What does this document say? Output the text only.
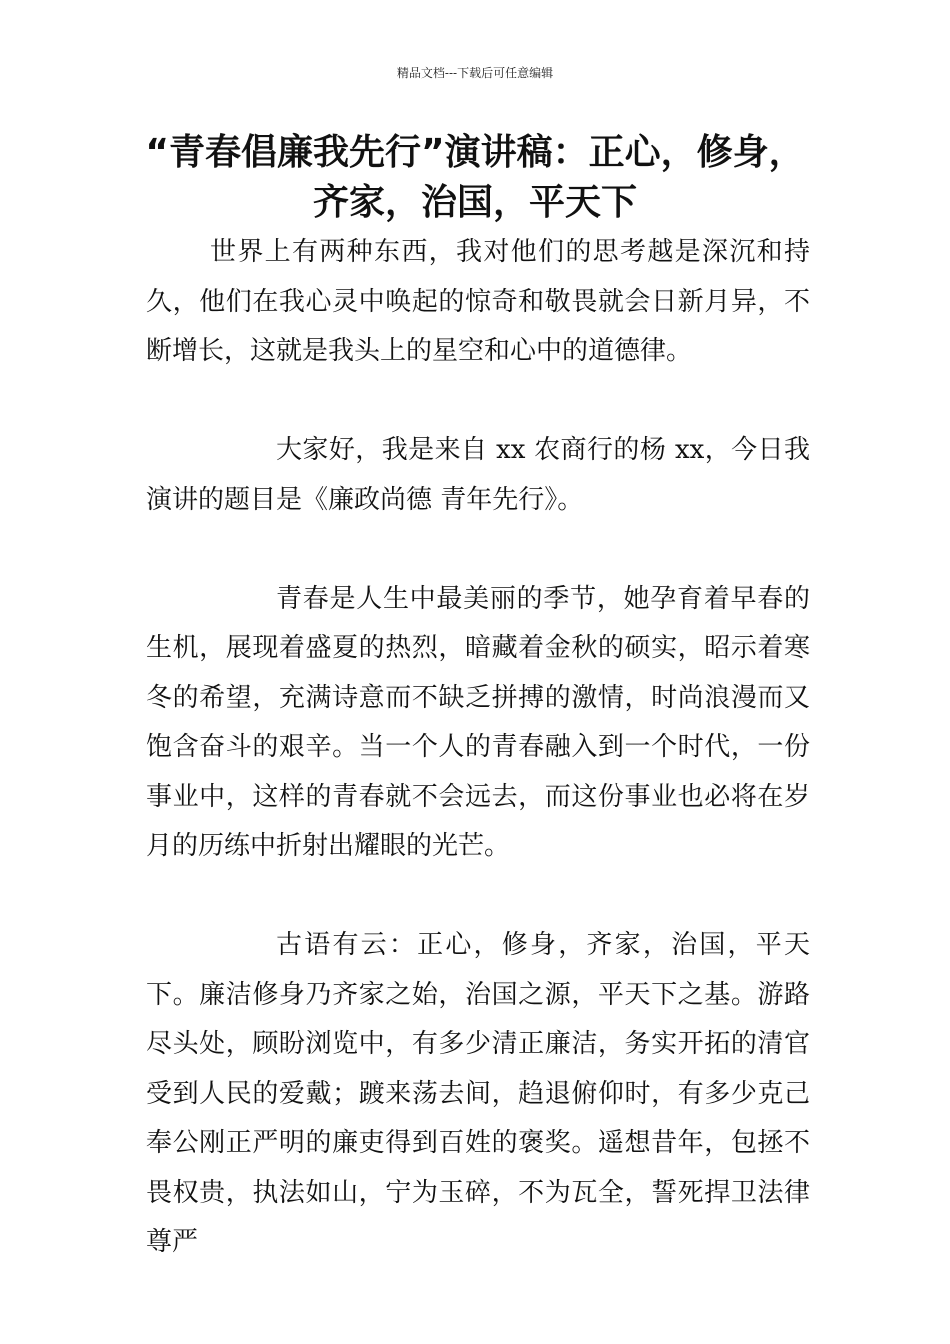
精品文档---下载后可任意编辑
“青春倡廉我先行”演讲稿：正心，修身，齐家，治国，平天下

世界上有两种东西，我对他们的思考越是深沉和持久，他们在我心灵中唤起的惊奇和敬畏就会日新月异，不断增长，这就是我头上的星空和心中的道德律。

大家好，我是来自 xx 农商行的杨 xx，今日我演讲的题目是《廉政尚德 青年先行》。

青春是人生中最美丽的季节，她孕育着早春的生机，展现着盛夏的热烈，暗藏着金秋的硕实，昭示着寒冬的希望，充满诗意而不缺乏拼搏的激情，时尚浪漫而又饱含奋斗的艰辛。当一个人的青春融入到一个时代，一份事业中，这样的青春就不会远去，而这份事业也必将在岁月的历练中折射出耀眼的光芒。

古语有云：正心，修身，齐家，治国，平天下。廉洁修身乃齐家之始，治国之源，平天下之基。游路尽头处，顾盼浏览中，有多少清正廉洁，务实开拓的清官受到人民的爱戴；踱来荡去间，趋退俯仰时，有多少克己奉公刚正严明的廉吏得到百姓的褒奖。遥想昔年，包拯不畏权贵，执法如山，宁为玉碎，不为瓦全，誓死捍卫法律尊严
